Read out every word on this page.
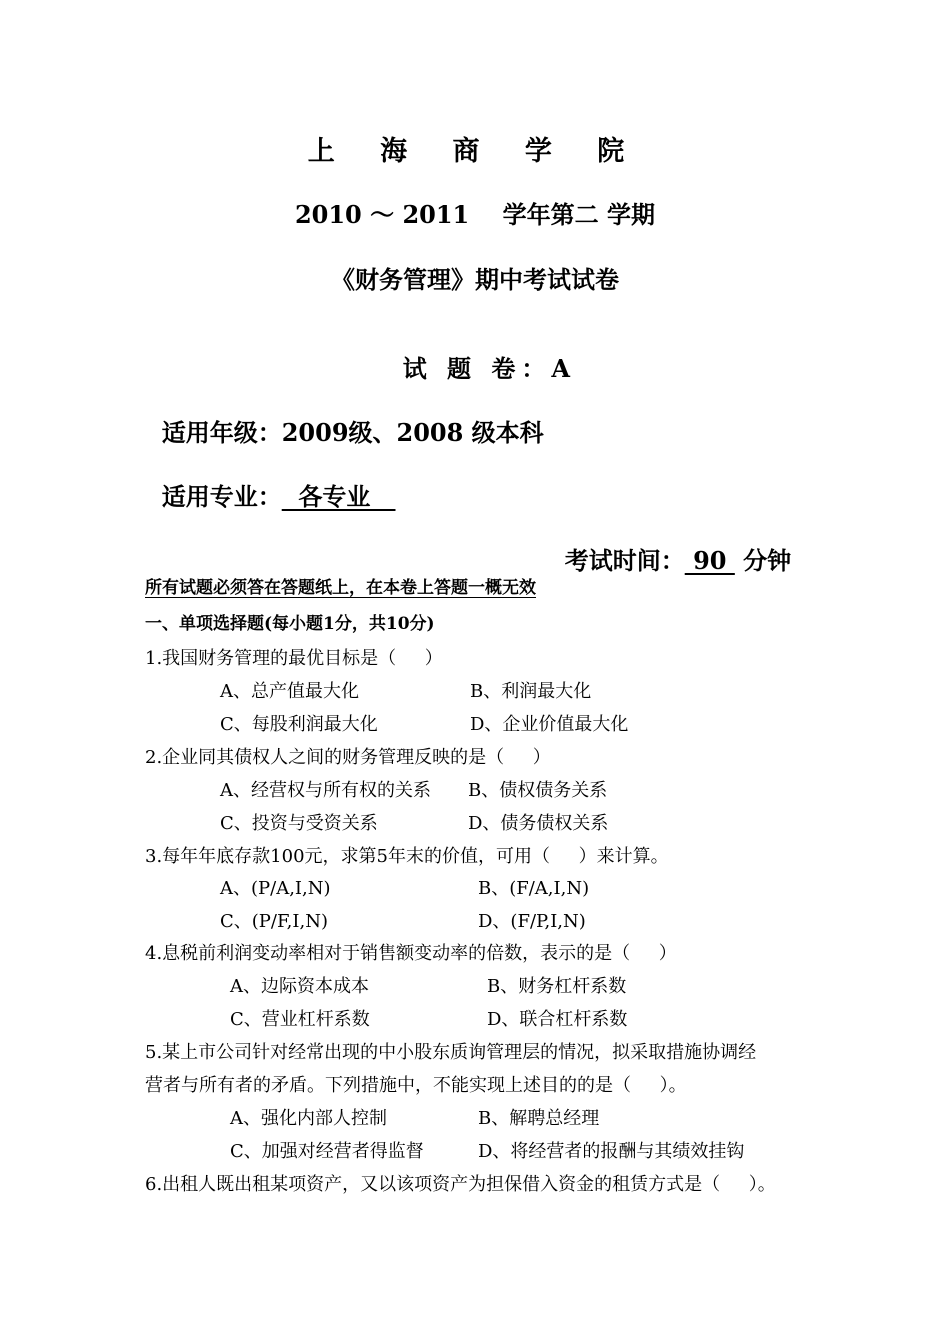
上 海 商 学 院
2010 ～ 2011    学年第二 学期
《财务管理》期中考试试卷

试 题 卷：A

适用年级：2009级、2008 级本科

适用专业：  各专业

考试时间： 90  分钟

所有试题必须答在答题纸上，在本卷上答题一概无效
一、单项选择题(每小题1分，共10分)
1.我国财务管理的最优目标是（     ）
A、总产值最大化	B、利润最大化
C、每股利润最大化	D、企业价值最大化
2.企业同其债权人之间的财务管理反映的是（     ）
A、经营权与所有权的关系 B、债权债务关系
C、投资与受资关系	D、债务债权关系
3.每年年底存款100元，求第5年末的价值，可用（     ）来计算。
A、(P/A,I,N)	B、(F/A,I,N)
C、(P/F,I,N)	D、(F/P,I,N)
4.息税前利润变动率相对于销售额变动率的倍数，表示的是（     ）
A、边际资本成本	B、财务杠杆系数
C、营业杠杆系数	D、联合杠杆系数
5.某上市公司针对经常出现的中小股东质询管理层的情况，拟采取措施协调经
营者与所有者的矛盾。下列措施中，不能实现上述目的的是（     ）。
A、强化内部人控制	B、解聘总经理
C、加强对经营者得监督	D、将经营者的报酬与其绩效挂钩
6.出租人既出租某项资产，又以该项资产为担保借入资金的租赁方式是（     ）。
